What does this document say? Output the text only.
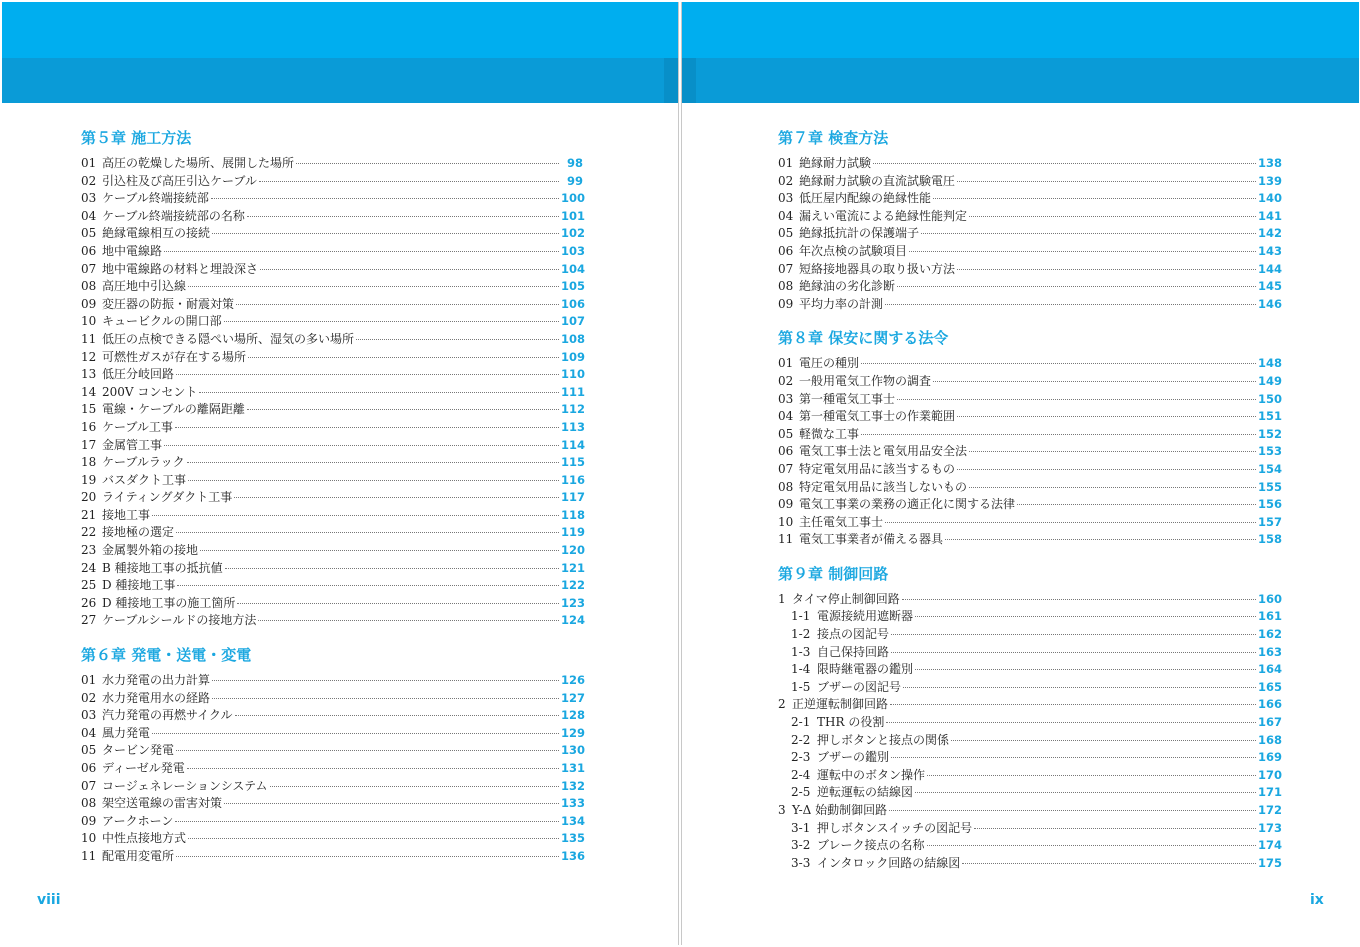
第５章 施工方法
01 高圧の乾燥した場所、展開した場所	98
02 引込柱及び高圧引込ケーブル	99
03 ケーブル終端接続部	100
04 ケーブル終端接続部の名称	101
05 絶縁電線相互の接続	102
06 地中電線路	103
07 地中電線路の材料と埋設深さ	104
08 高圧地中引込線	105
09 変圧器の防振・耐震対策	106
10 キュービクルの開口部	107
11 低圧の点検できる隠ぺい場所、湿気の多い場所	108
12 可燃性ガスが存在する場所	109
13 低圧分岐回路	110
14 200V コンセント	111
15 電線・ケーブルの離隔距離	112
16 ケーブル工事	113
17 金属管工事	114
18 ケーブルラック	115
19 バスダクト工事	116
20 ライティングダクト工事	117
21 接地工事	118
22 接地極の選定	119
23 金属製外箱の接地	120
24 B 種接地工事の抵抗値	121
25 D 種接地工事	122
26 D 種接地工事の施工箇所	123
27 ケーブルシールドの接地方法	124
第６章 発電・送電・変電
01 水力発電の出力計算	126
02 水力発電用水の経路	127
03 汽力発電の再燃サイクル	128
04 風力発電	129
05 タービン発電	130
06 ディーゼル発電	131
07 コージェネレーションシステム	132
08 架空送電線の雷害対策	133
09 アークホーン	134
10 中性点接地方式	135
11 配電用変電所	136
viii
第７章 検査方法
01 絶縁耐力試験	138
02 絶縁耐力試験の直流試験電圧	139
03 低圧屋内配線の絶縁性能	140
04 漏えい電流による絶縁性能判定	141
05 絶縁抵抗計の保護端子	142
06 年次点検の試験項目	143
07 短絡接地器具の取り扱い方法	144
08 絶縁油の劣化診断	145
09 平均力率の計測	146
第８章 保安に関する法令
01 電圧の種別	148
02 一般用電気工作物の調査	149
03 第一種電気工事士	150
04 第一種電気工事士の作業範囲	151
05 軽微な工事	152
06 電気工事士法と電気用品安全法	153
07 特定電気用品に該当するもの	154
08 特定電気用品に該当しないもの	155
09 電気工事業の業務の適正化に関する法律	156
10 主任電気工事士	157
11 電気工事業者が備える器具	158
第９章 制御回路
1 タイマ停止制御回路	160
1-1 電源接続用遮断器	161
1-2 接点の図記号	162
1-3 自己保持回路	163
1-4 限時継電器の鑑別	164
1-5 ブザーの図記号	165
2 正逆運転制御回路	166
2-1 THR の役割	167
2-2 押しボタンと接点の関係	168
2-3 ブザーの鑑別	169
2-4 運転中のボタン操作	170
2-5 逆転運転の結線図	171
3 Y-Δ 始動制御回路	172
3-1 押しボタンスイッチの図記号	173
3-2 ブレーク接点の名称	174
3-3 インタロック回路の結線図	175
ix
